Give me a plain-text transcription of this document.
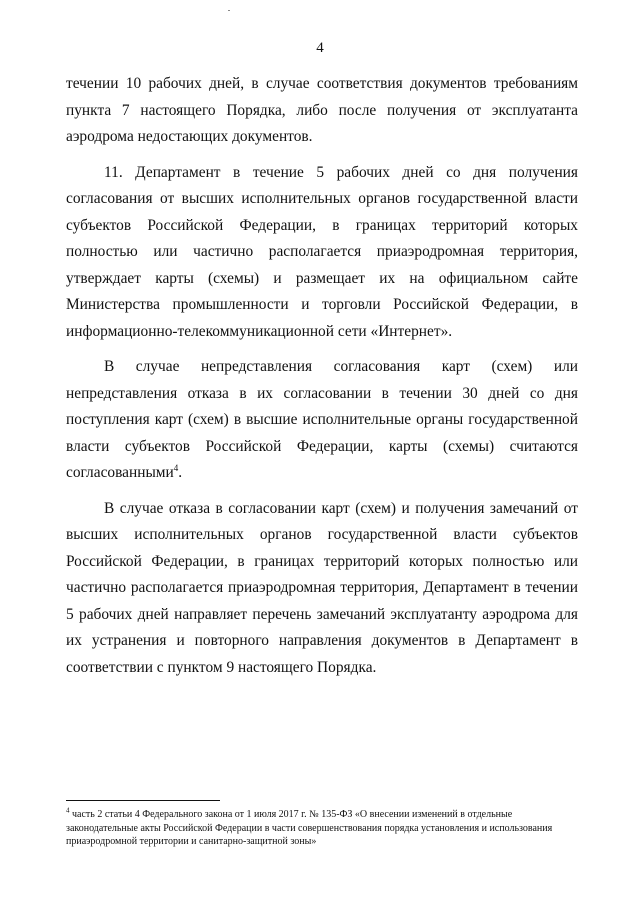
4

течении 10 рабочих дней, в случае соответствия документов требованиям пункта 7 настоящего Порядка, либо после получения от эксплуатанта аэродрома недостающих документов.

11. Департамент в течение 5 рабочих дней со дня получения согласования от высших исполнительных органов государственной власти субъектов Российской Федерации, в границах территорий которых полностью или частично располагается приаэродромная территория, утверждает карты (схемы) и размещает их на официальном сайте Министерства промышленности и торговли Российской Федерации, в информационно-телекоммуникационной сети «Интернет».

В случае непредставления согласования карт (схем) или непредставления отказа в их согласовании в течении 30 дней со дня поступления карт (схем) в высшие исполнительные органы государственной власти субъектов Российской Федерации, карты (схемы) считаются согласованными$^4$.

В случае отказа в согласовании карт (схем) и получения замечаний от высших исполнительных органов государственной власти субъектов Российской Федерации, в границах территорий которых полностью или частично располагается приаэродромная территория, Департамент в течении 5 рабочих дней направляет перечень замечаний эксплуатанту аэродрома для их устранения и повторного направления документов в Департамент в соответствии с пунктом 9 настоящего Порядка.

$^4$ часть 2 статьи 4 Федерального закона от 1 июля 2017 г. № 135-ФЗ «О внесении изменений в отдельные законодательные акты Российской Федерации в части совершенствования порядка установления и использования приаэродромной территории и санитарно-защитной зоны»
